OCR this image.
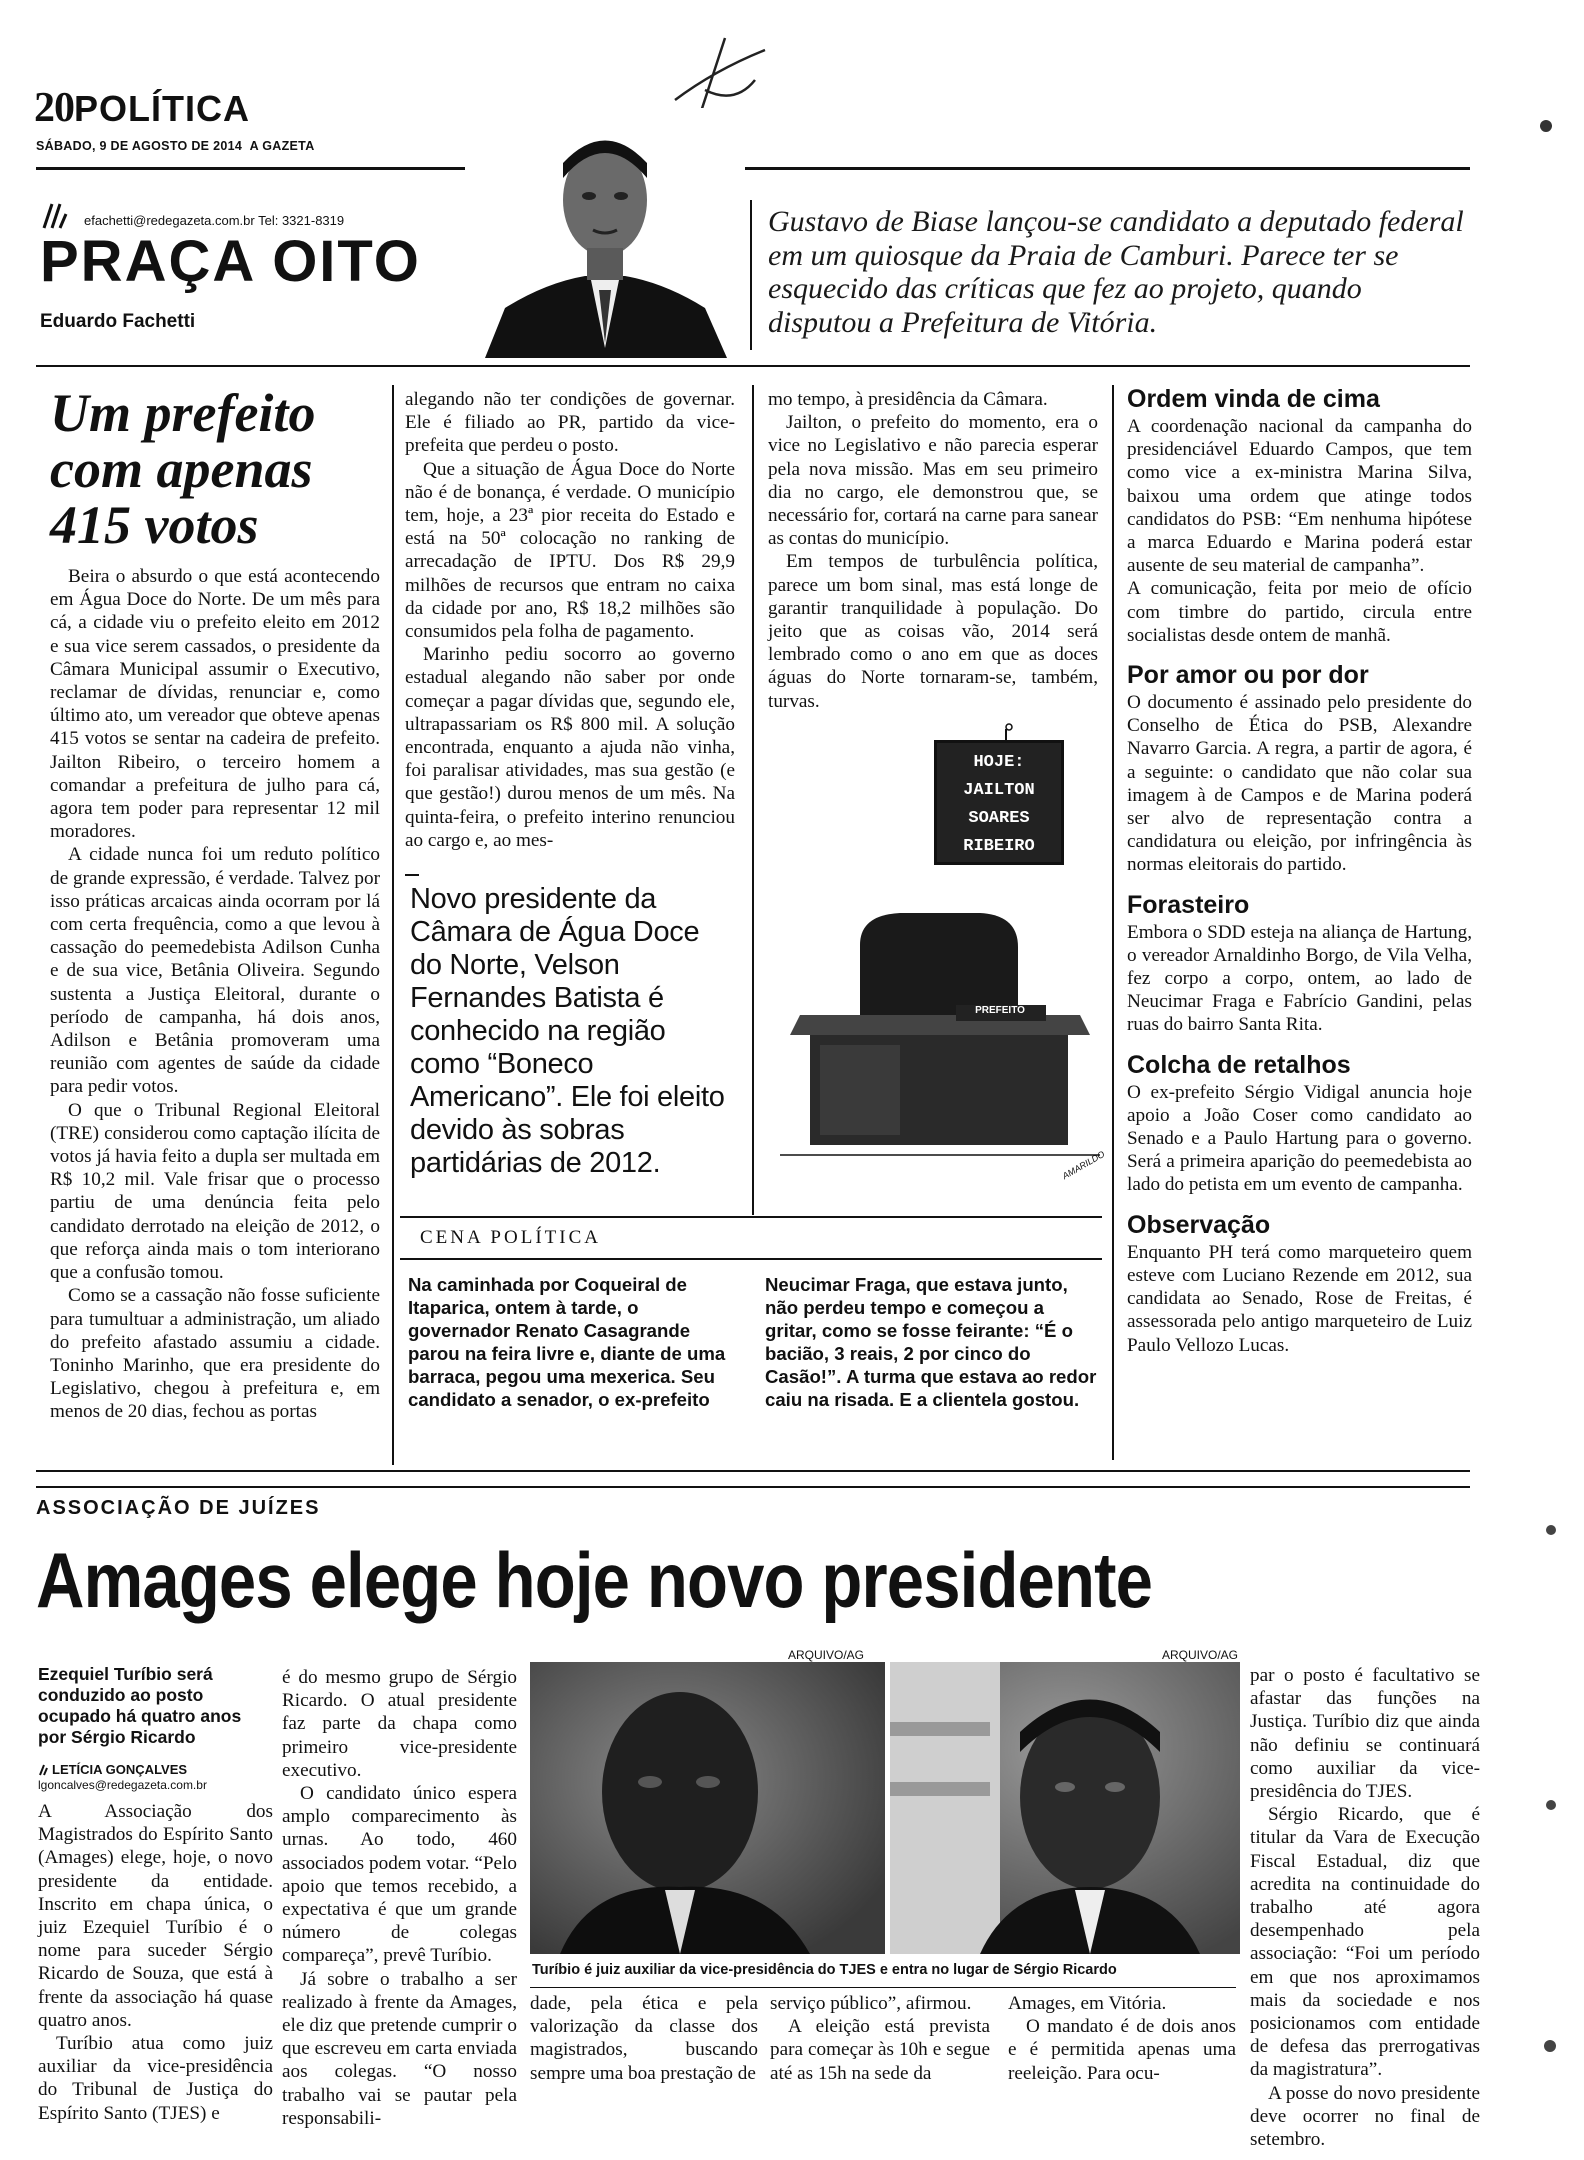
20POLÍTICA
SÁBADO, 9 DE AGOSTO DE 2014 A GAZETA
efachetti@redegazeta.com.br Tel: 3321-8319
PRAÇA OITO
Eduardo Fachetti
Gustavo de Biase lançou-se candidato a deputado federal em um quiosque da Praia de Camburi. Parece ter se esquecido das críticas que fez ao projeto, quando disputou a Prefeitura de Vitória.
Um prefeito com apenas 415 votos

Beira o absurdo o que está acontecendo em Água Doce do Norte. De um mês para cá, a cidade viu o prefeito eleito em 2012 e sua vice serem cassados, o presidente da Câmara Municipal assumir o Executivo, reclamar de dívidas, renunciar e, como último ato, um vereador que obteve apenas 415 votos se sentar na cadeira de prefeito. Jailton Ribeiro, o terceiro homem a comandar a prefeitura de julho para cá, agora tem poder para representar 12 mil moradores.

A cidade nunca foi um reduto político de grande expressão, é verdade. Talvez por isso práticas arcaicas ainda ocorram por lá com certa frequência, como a que levou à cassação do peemedebista Adilson Cunha e de sua vice, Betânia Oliveira. Segundo sustenta a Justiça Eleitoral, durante o período de campanha, há dois anos, Adilson e Betânia promoveram uma reunião com agentes de saúde da cidade para pedir votos.

O que o Tribunal Regional Eleitoral (TRE) considerou como captação ilícita de votos já havia feito a dupla ser multada em R$ 10,2 mil. Vale frisar que o processo partiu de uma denúncia feita pelo candidato derrotado na eleição de 2012, o que reforça ainda mais o tom interiorano que a confusão tomou.

Como se a cassação não fosse suficiente para tumultuar a administração, um aliado do prefeito afastado assumiu a cidade. Toninho Marinho, que era presidente do Legislativo, chegou à prefeitura e, em menos de 20 dias, fechou as portas

alegando não ter condições de governar. Ele é filiado ao PR, partido da vice-prefeita que perdeu o posto.

Que a situação de Água Doce do Norte não é de bonança, é verdade. O município tem, hoje, a 23ª pior receita do Estado e está na 50ª colocação no ranking de arrecadação de IPTU. Dos R$ 29,9 milhões de recursos que entram no caixa da cidade por ano, R$ 18,2 milhões são consumidos pela folha de pagamento.

Marinho pediu socorro ao governo estadual alegando não saber por onde começar a pagar dívidas que, segundo ele, ultrapassariam os R$ 800 mil. A solução encontrada, enquanto a ajuda não vinha, foi paralisar atividades, mas sua gestão (e que gestão!) durou menos de um mês. Na quinta-feira, o prefeito interino renunciou ao cargo e, ao mes-

Novo presidente da Câmara de Água Doce do Norte, Velson Fernandes Batista é conhecido na região como “Boneco Americano”. Ele foi eleito devido às sobras partidárias de 2012.

mo tempo, à presidência da Câmara.

Jailton, o prefeito do momento, era o vice no Legislativo e não parecia esperar pela nova missão. Mas em seu primeiro dia no cargo, ele demonstrou que, se necessário for, cortará na carne para sanear as contas do município.

Em tempos de turbulência política, parece um bom sinal, mas está longe de garantir tranquilidade à população. Do jeito que as coisas vão, 2014 será lembrado como o ano em que as doces águas do Norte tornaram-se, também, turvas.

HOJE:
JAILTON
SOARES
RIBEIRO
PREFEITO
AMARILDO
CENA POLÍTICA
Na caminhada por Coqueiral de Itaparica, ontem à tarde, o governador Renato Casagrande parou na feira livre e, diante de uma barraca, pegou uma mexerica. Seu candidato a senador, o ex-prefeito
Neucimar Fraga, que estava junto, não perdeu tempo e começou a gritar, como se fosse feirante: “É o bacião, 3 reais, 2 por cinco do Casão!”. A turma que estava ao redor caiu na risada. E a clientela gostou.
Ordem vinda de cima

A coordenação nacional da campanha do presidenciável Eduardo Campos, que tem como vice a ex-ministra Marina Silva, baixou uma ordem que atinge todos candidatos do PSB: “Em nenhuma hipótese a marca Eduardo e Marina poderá estar ausente de seu material de campanha”.

A comunicação, feita por meio de ofício com timbre do partido, circula entre socialistas desde ontem de manhã.

Por amor ou por dor

O documento é assinado pelo presidente do Conselho de Ética do PSB, Alexandre Navarro Garcia. A regra, a partir de agora, é a seguinte: o candidato que não colar sua imagem à de Campos e de Marina poderá ser alvo de representação contra a candidatura ou eleição, por infringência às normas eleitorais do partido.

Forasteiro

Embora o SDD esteja na aliança de Hartung, o vereador Arnaldinho Borgo, de Vila Velha, fez corpo a corpo, ontem, ao lado de Neucimar Fraga e Fabrício Gandini, pelas ruas do bairro Santa Rita.

Colcha de retalhos

O ex-prefeito Sérgio Vidigal anuncia hoje apoio a João Coser como candidato ao Senado e a Paulo Hartung para o governo. Será a primeira aparição do peemedebista ao lado do petista em um evento de campanha.

Observação

Enquanto PH terá como marqueteiro quem esteve com Luciano Rezende em 2012, sua candidata ao Senado, Rose de Freitas, é assessorada pelo antigo marqueteiro de Luiz Paulo Vellozo Lucas.

ASSOCIAÇÃO DE JUÍZES
Amages elege hoje novo presidente
Ezequiel Turíbio será conduzido ao posto ocupado há quatro anos por Sérgio Ricardo
LETÍCIA GONÇALVES
lgoncalves@redegazeta.com.br

A Associação dos Magistrados do Espírito Santo (Amages) elege, hoje, o novo presidente da entidade. Inscrito em chapa única, o juiz Ezequiel Turíbio é o nome para suceder Sérgio Ricardo de Souza, que está à frente da associação há quase quatro anos.

Turíbio atua como juiz auxiliar da vice-presidência do Tribunal de Justiça do Espírito Santo (TJES) e

é do mesmo grupo de Sérgio Ricardo. O atual presidente faz parte da chapa como primeiro vice-presidente executivo.

O candidato único espera amplo comparecimento às urnas. Ao todo, 460 associados podem votar. “Pelo apoio que temos recebido, a expectativa é que um grande número de colegas compareça”, prevê Turíbio.

Já sobre o trabalho a ser realizado à frente da Amages, ele diz que pretende cumprir o que escreveu em carta enviada aos colegas. “O nosso trabalho vai se pautar pela responsabili-

ARQUIVO/AG	ARQUIVO/AG
Turíbio é juiz auxiliar da vice-presidência do TJES e entra no lugar de Sérgio Ricardo

dade, pela ética e pela valorização da classe dos magistrados, buscando sempre uma boa prestação de

serviço público”, afirmou.

A eleição está prevista para começar às 10h e segue até as 15h na sede da

Amages, em Vitória.

O mandato é de dois anos e é permitida apenas uma reeleição. Para ocu-

par o posto é facultativo se afastar das funções na Justiça. Turíbio diz que ainda não definiu se continuará como auxiliar da vice-presidência do TJES.

Sérgio Ricardo, que é titular da Vara de Execução Fiscal Estadual, diz que acredita na continuidade do trabalho até agora desempenhado pela associação: “Foi um período em que nos aproximamos mais da sociedade e nos posicionamos com entidade de defesa das prerrogativas da magistratura”.

A posse do novo presidente deve ocorrer no final de setembro.
